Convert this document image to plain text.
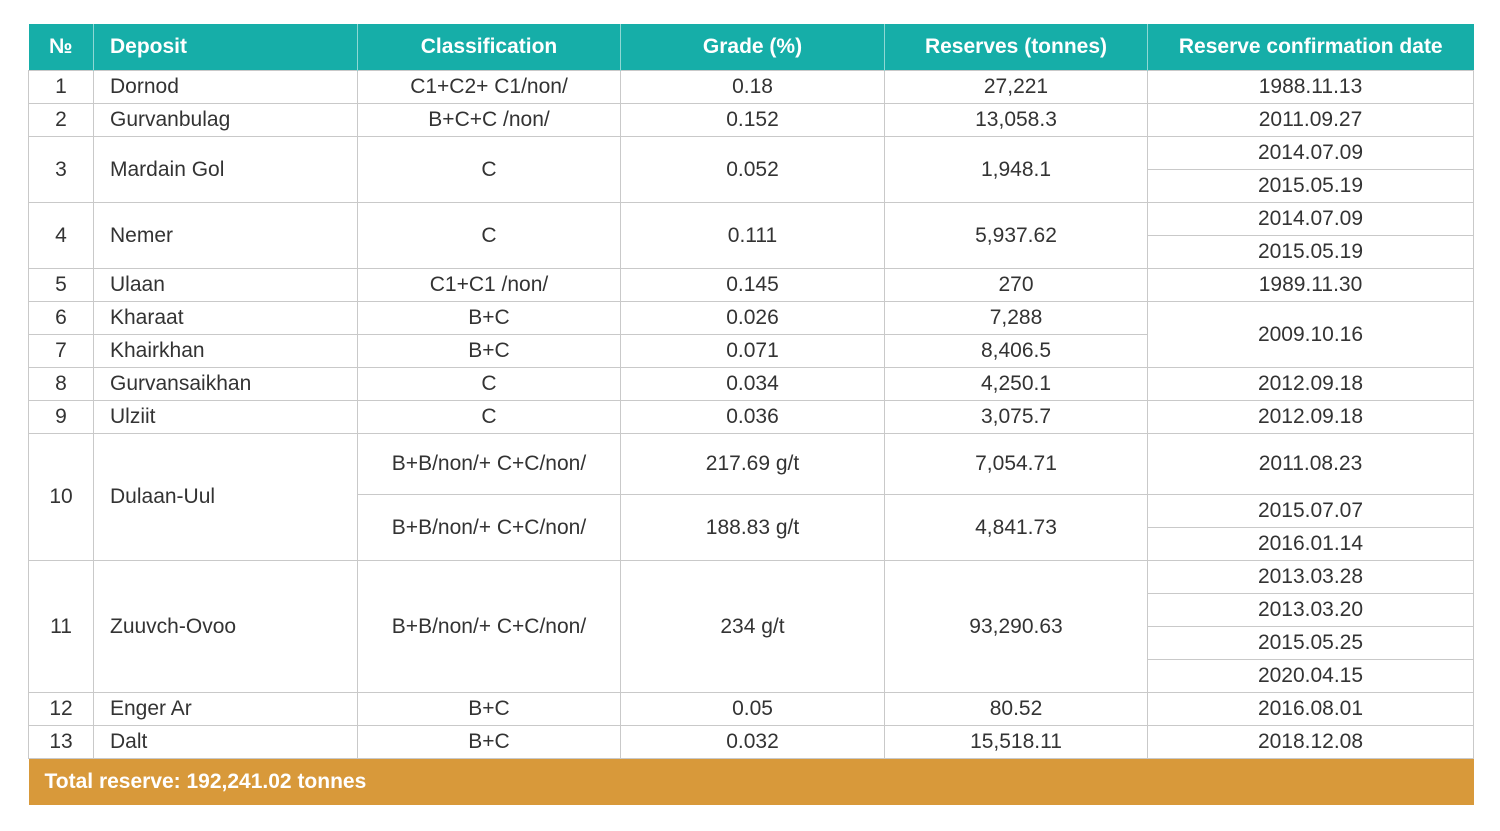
№	Deposit	Classification	Grade (%)	Reserves (tonnes)	Reserve confirmation date
1	Dornod	C1+C2+ C1/non/	0.18	27,221	1988.11.13
2	Gurvanbulag	B+C+C /non/	0.152	13,058.3	2011.09.27
3	Mardain Gol	C	0.052	1,948.1	2014.07.09
					2015.05.19
4	Nemer	C	0.111	5,937.62	2014.07.09
					2015.05.19
5	Ulaan	C1+C1 /non/	0.145	270	1989.11.30
6	Kharaat	B+C	0.026	7,288	2009.10.16
7	Khairkhan	B+C	0.071	8,406.5	
8	Gurvansaikhan	C	0.034	4,250.1	2012.09.18
9	Ulziit	C	0.036	3,075.7	2012.09.18
10	Dulaan-Uul	B+B/non/+ C+C/non/	217.69 g/t	7,054.71	2011.08.23
		B+B/non/+ C+C/non/	188.83 g/t	4,841.73	2015.07.07
					2016.01.14
11	Zuuvch-Ovoo	B+B/non/+ C+C/non/	234 g/t	93,290.63	2013.03.28
					2013.03.20
					2015.05.25
					2020.04.15
12	Enger Ar	B+C	0.05	80.52	2016.08.01
13	Dalt	B+C	0.032	15,518.11	2018.12.08
Total reserve: 192,241.02 tonnes					
